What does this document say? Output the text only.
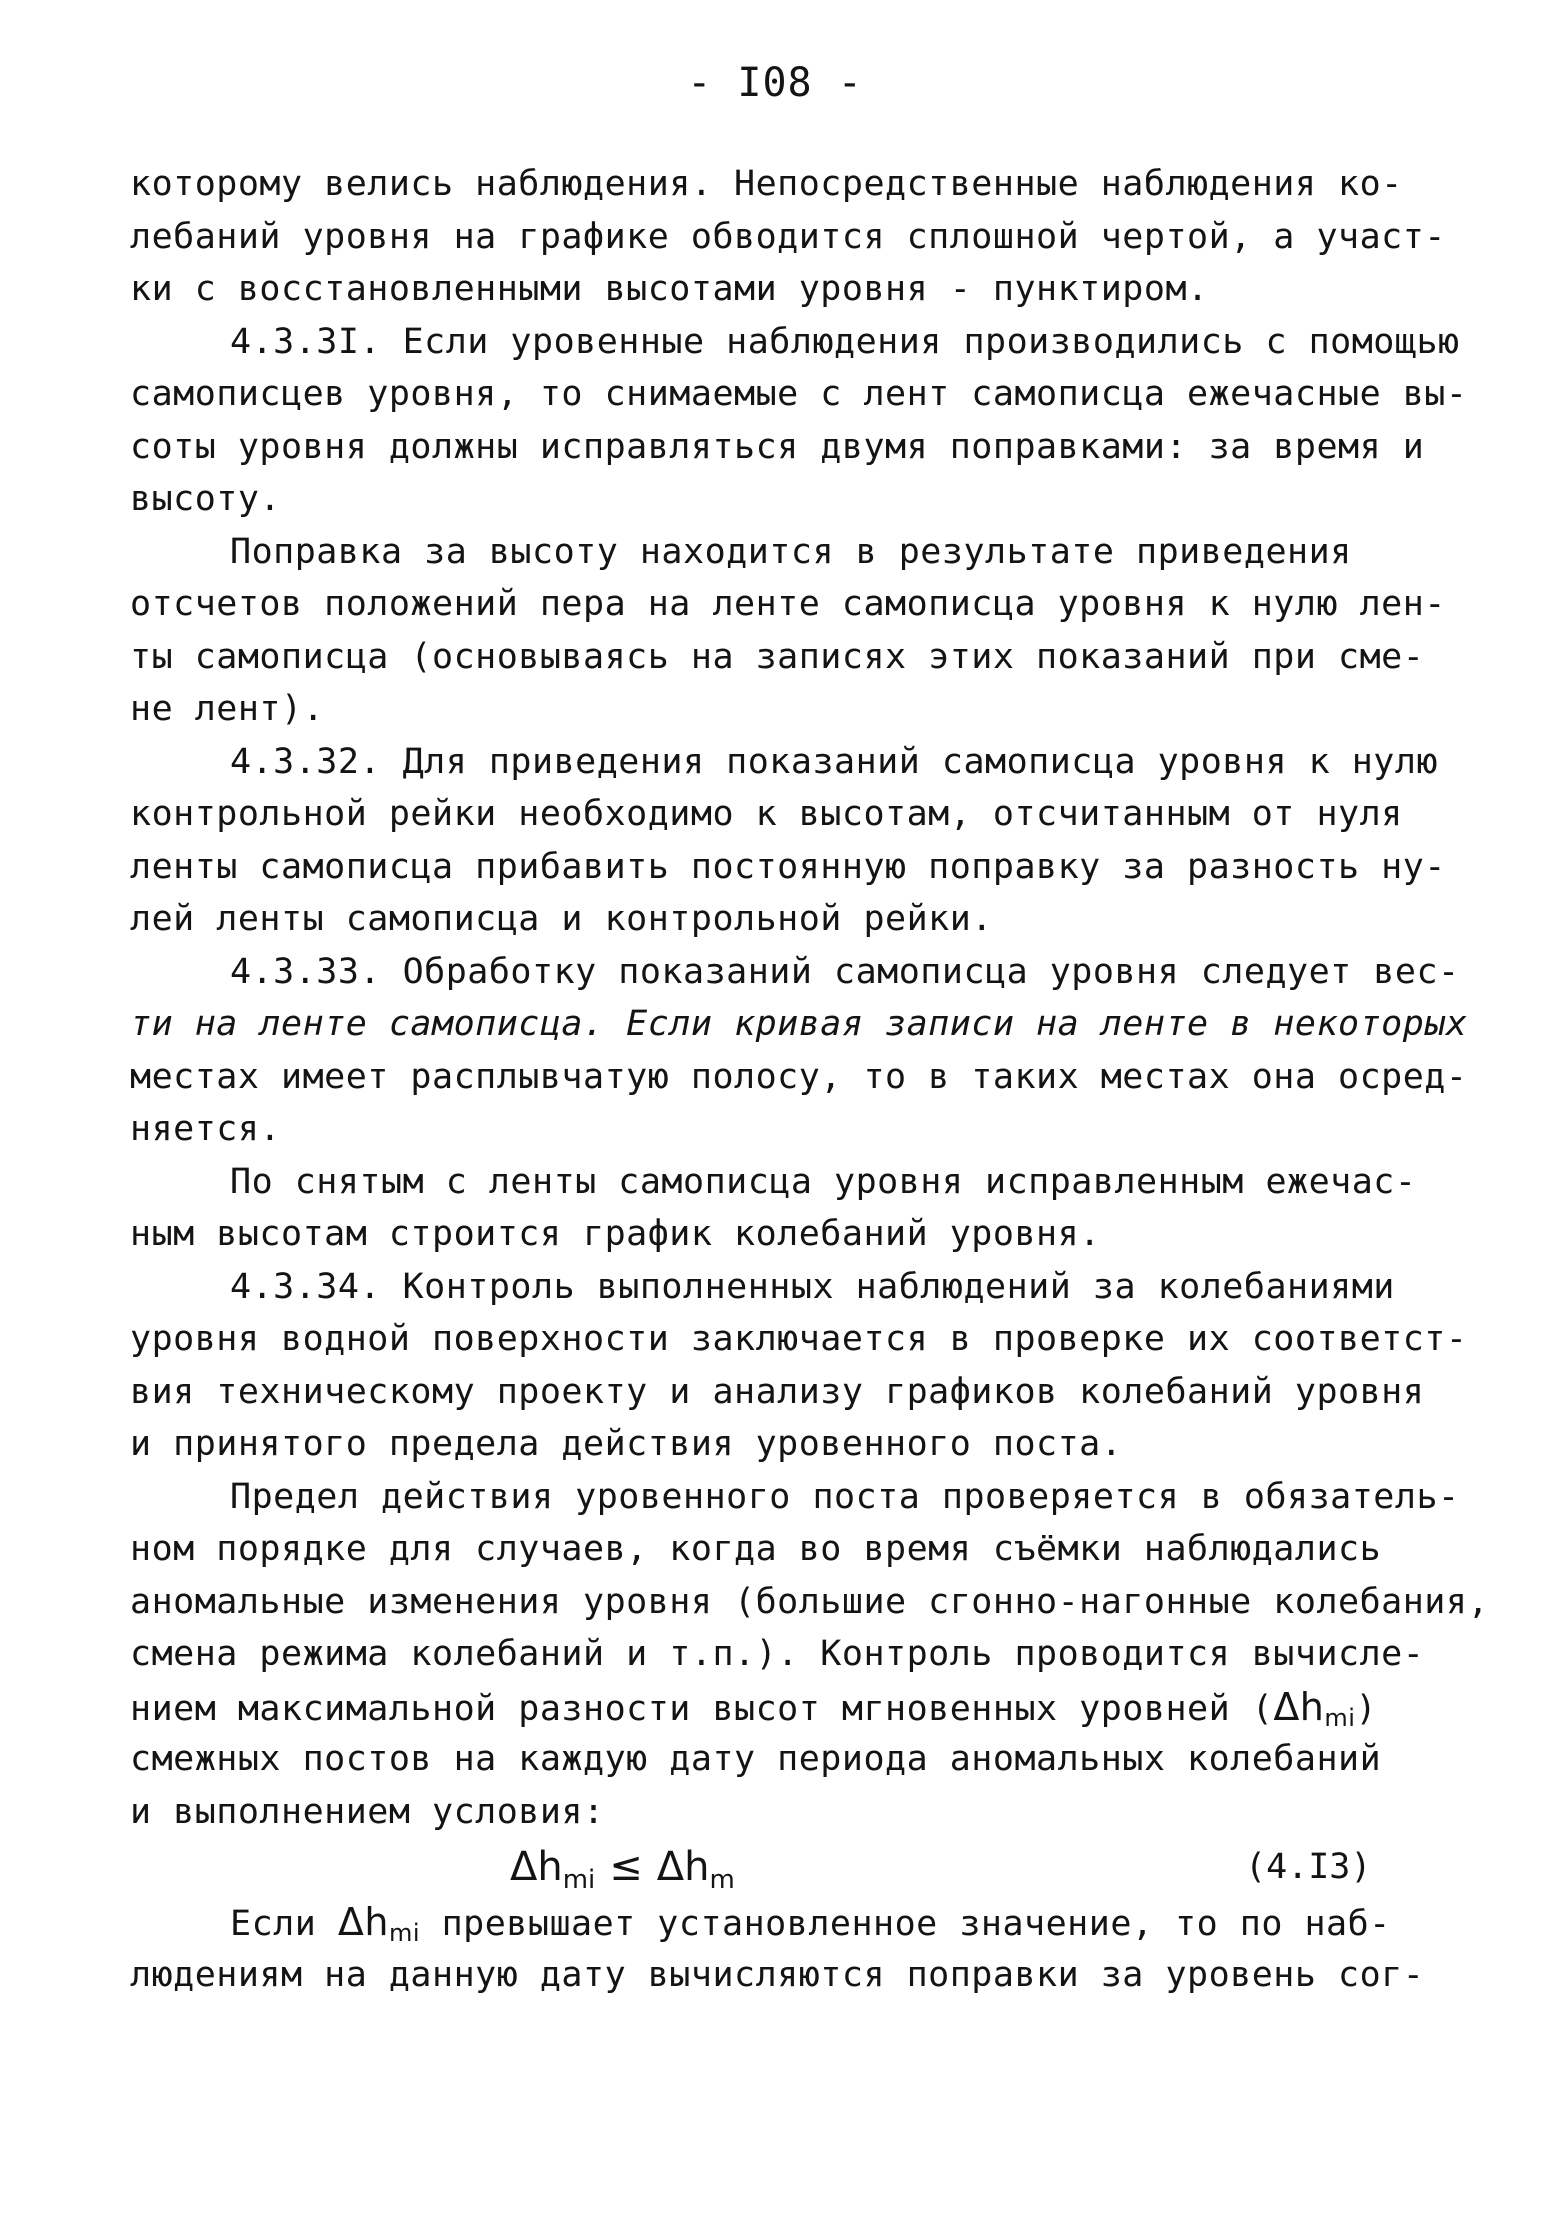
- I08 -
которому велись наблюдения. Непосредственные наблюдения ко-
лебаний уровня на графике обводится сплошной чертой, а участ-
ки с восстановленными высотами уровня - пунктиром.
4.3.3I. Если уровенные наблюдения производились с помощью
самописцев уровня, то снимаемые с лент самописца ежечасные вы-
соты уровня должны исправляться двумя поправками: за время и
высоту.
Поправка за высоту находится в результате приведения
отсчетов положений пера на ленте самописца уровня к нулю лен-
ты самописца (основываясь на записях этих показаний при сме-
не лент).
4.3.32. Для приведения показаний самописца уровня к нулю
контрольной рейки необходимо к высотам, отсчитанным от нуля
ленты самописца прибавить постоянную поправку за разность ну-
лей ленты самописца и контрольной рейки.
4.3.33. Обработку показаний самописца уровня следует вес-
ти на ленте самописца. Если кривая записи на ленте в некоторых
местах имеет расплывчатую полосу, то в таких местах она осред-
няется.
По снятым с ленты самописца уровня исправленным ежечас-
ным высотам строится график колебаний уровня.
4.3.34. Контроль выполненных наблюдений за колебаниями
уровня водной поверхности заключается в проверке их соответст-
вия техническому проекту и анализу графиков колебаний уровня
и принятого предела действия уровенного поста.
Предел действия уровенного поста проверяется в обязатель-
ном порядке для случаев, когда во время съёмки наблюдались
аномальные изменения уровня (большие сгонно-нагонные колебания,
смена режима колебаний и т.п.). Контроль проводится вычисле-
нием максимальной разности высот мгновенных уровней $(\Delta h_{mi})$
смежных постов на каждую дату периода аномальных колебаний
и выполнением условия:
$\Delta h_{mi} \le \Delta h_m$	(4.I3)
Если $\Delta h_{mi}$ превышает установленное значение, то по наб-
людениям на данную дату вычисляются поправки за уровень сог-
